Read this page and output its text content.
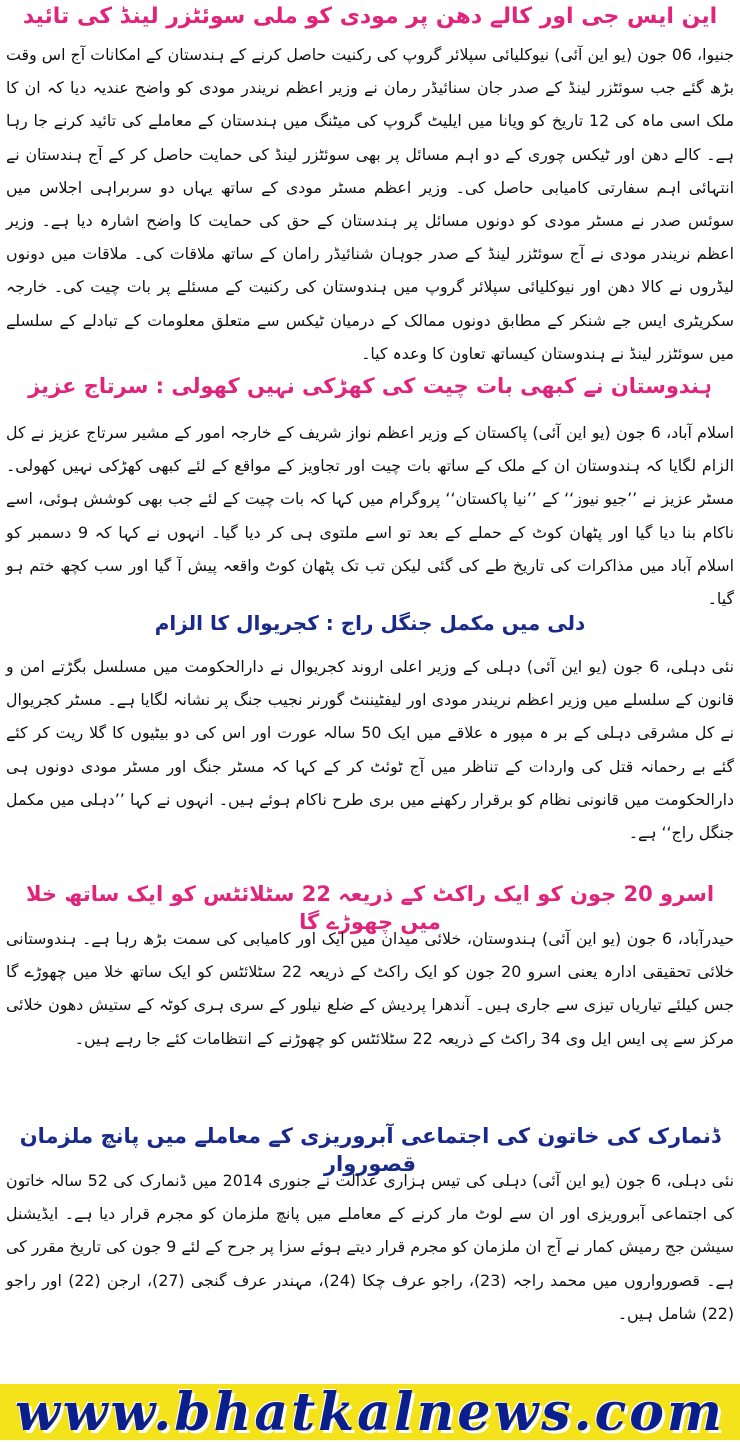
این ایس جی اور کالے دھن پر مودی کو ملی سوئٹزر لینڈ کی تائید

جنیوا، 06 جون (یو این آئی) نیوکلیائی سپلائر گروپ کی رکنیت حاصل کرنے کے ہندستان کے امکانات آج اس وقت بڑھ گئے جب سوئٹزر لینڈ کے صدر جان سنائیڈر رمان نے وزیر اعظم نریندر مودی کو واضح عندیہ دیا کہ ان کا ملک اسی ماہ کی 12 تاریخ کو ویانا میں ایلیٹ گروپ کی میٹنگ میں ہندستان کے معاملے کی تائید کرنے جا رہا ہے۔ کالے دھن اور ٹیکس چوری کے دو اہم مسائل پر بھی سوئٹزر لینڈ کی حمایت حاصل کر کے آج ہندستان نے انتہائی اہم سفارتی کامیابی حاصل کی۔ وزیر اعظم مسٹر مودی کے ساتھ یہاں دو سربراہی اجلاس میں سوئس صدر نے مسٹر مودی کو دونوں مسائل پر ہندستان کے حق کی حمایت کا واضح اشارہ دیا ہے۔ وزیر اعظم نریندر مودی نے آج سوئٹزر لینڈ کے صدر جوہان شنائیڈر رامان کے ساتھ ملاقات کی۔ ملاقات میں دونوں لیڈروں نے کالا دھن اور نیوکلیائی سپلائر گروپ میں ہندوستان کی رکنیت کے مسئلے پر بات چیت کی۔ خارجہ سکریٹری ایس جے شنکر کے مطابق دونوں ممالک کے درمیان ٹیکس سے متعلق معلومات کے تبادلے کے سلسلے میں سوئٹزر لینڈ نے ہندوستان کیساتھ تعاون کا وعدہ کیا۔

ہندوستان نے کبھی بات چیت کی کھڑکی نہیں کھولی : سرتاج عزیز

اسلام آباد، 6 جون (یو این آئی) پاکستان کے وزیر اعظم نواز شریف کے خارجہ امور کے مشیر سرتاج عزیز نے کل الزام لگایا کہ ہندوستان ان کے ملک کے ساتھ بات چیت اور تجاویز کے مواقع کے لئے کبھی کھڑکی نہیں کھولی۔ مسٹر عزیز نے ’’جیو نیوز‘‘ کے ’’نیا پاکستان‘‘ پروگرام میں کہا کہ بات چیت کے لئے جب بھی کوشش ہوئی، اسے ناکام بنا دیا گیا اور پٹھان کوٹ کے حملے کے بعد تو اسے ملتوی ہی کر دیا گیا۔ انہوں نے کہا کہ 9 دسمبر کو اسلام آباد میں مذاکرات کی تاریخ طے کی گئی لیکن تب تک پٹھان کوٹ واقعہ پیش آ گیا اور سب کچھ ختم ہو گیا۔

دلی میں مکمل جنگل راج : کجریوال کا الزام

نئی دہلی، 6 جون (یو این آئی) دہلی کے وزیر اعلی اروند کجریوال نے دارالحکومت میں مسلسل بگڑتے امن و قانون کے سلسلے میں وزیر اعظم نریندر مودی اور لیفٹیننٹ گورنر نجیب جنگ پر نشانہ لگایا ہے۔ مسٹر کجریوال نے کل مشرقی دہلی کے بر ہ مپور ہ علاقے میں ایک 50 سالہ عورت اور اس کی دو بیٹیوں کا گلا ریت کر کئے گئے بے رحمانہ قتل کی واردات کے تناظر میں آج ٹوئٹ کر کے کہا کہ مسٹر جنگ اور مسٹر مودی دونوں ہی دارالحکومت میں قانونی نظام کو برقرار رکھنے میں بری طرح ناکام ہوئے ہیں۔ انہوں نے کہا ’’دہلی میں مکمل جنگل راج‘‘ ہے۔

اسرو 20 جون کو ایک راکٹ کے ذریعہ 22 سٹلائٹس کو ایک ساتھ خلا میں چھوڑے گا

حیدرآباد، 6 جون (یو این آئی) ہندوستان، خلائی میدان میں ایک اور کامیابی کی سمت بڑھ رہا ہے۔ ہندوستانی خلائی تحقیقی ادارہ یعنی اسرو 20 جون کو ایک راکٹ کے ذریعہ 22 سٹلائٹس کو ایک ساتھ خلا میں چھوڑے گا جس کیلئے تیاریاں تیزی سے جاری ہیں۔ آندھرا پردیش کے ضلع نیلور کے سری ہری کوٹہ کے ستیش دھون خلائی مرکز سے پی ایس ایل وی 34 راکٹ کے ذریعہ 22 سٹلائٹس کو چھوڑنے کے انتظامات کئے جا رہے ہیں۔

ڈنمارک کی خاتون کی اجتماعی آبروریزی کے معاملے میں پانچ ملزمان قصوروار

نئی دہلی، 6 جون (یو این آئی) دہلی کی تیس ہزاری عدالت نے جنوری 2014 میں ڈنمارک کی 52 سالہ خاتون کی اجتماعی آبروریزی اور ان سے لوٹ مار کرنے کے معاملے میں پانچ ملزمان کو مجرم قرار دیا ہے۔ ایڈیشنل سیشن جج رمیش کمار نے آج ان ملزمان کو مجرم قرار دیتے ہوئے سزا پر جرح کے لئے 9 جون کی تاریخ مقرر کی ہے۔ قصورواروں میں محمد راجہ (23)، راجو عرف چکا (24)، مہندر عرف گنجی (27)، ارجن (22) اور راجو (22) شامل ہیں۔

www.bhatkalnews.com
